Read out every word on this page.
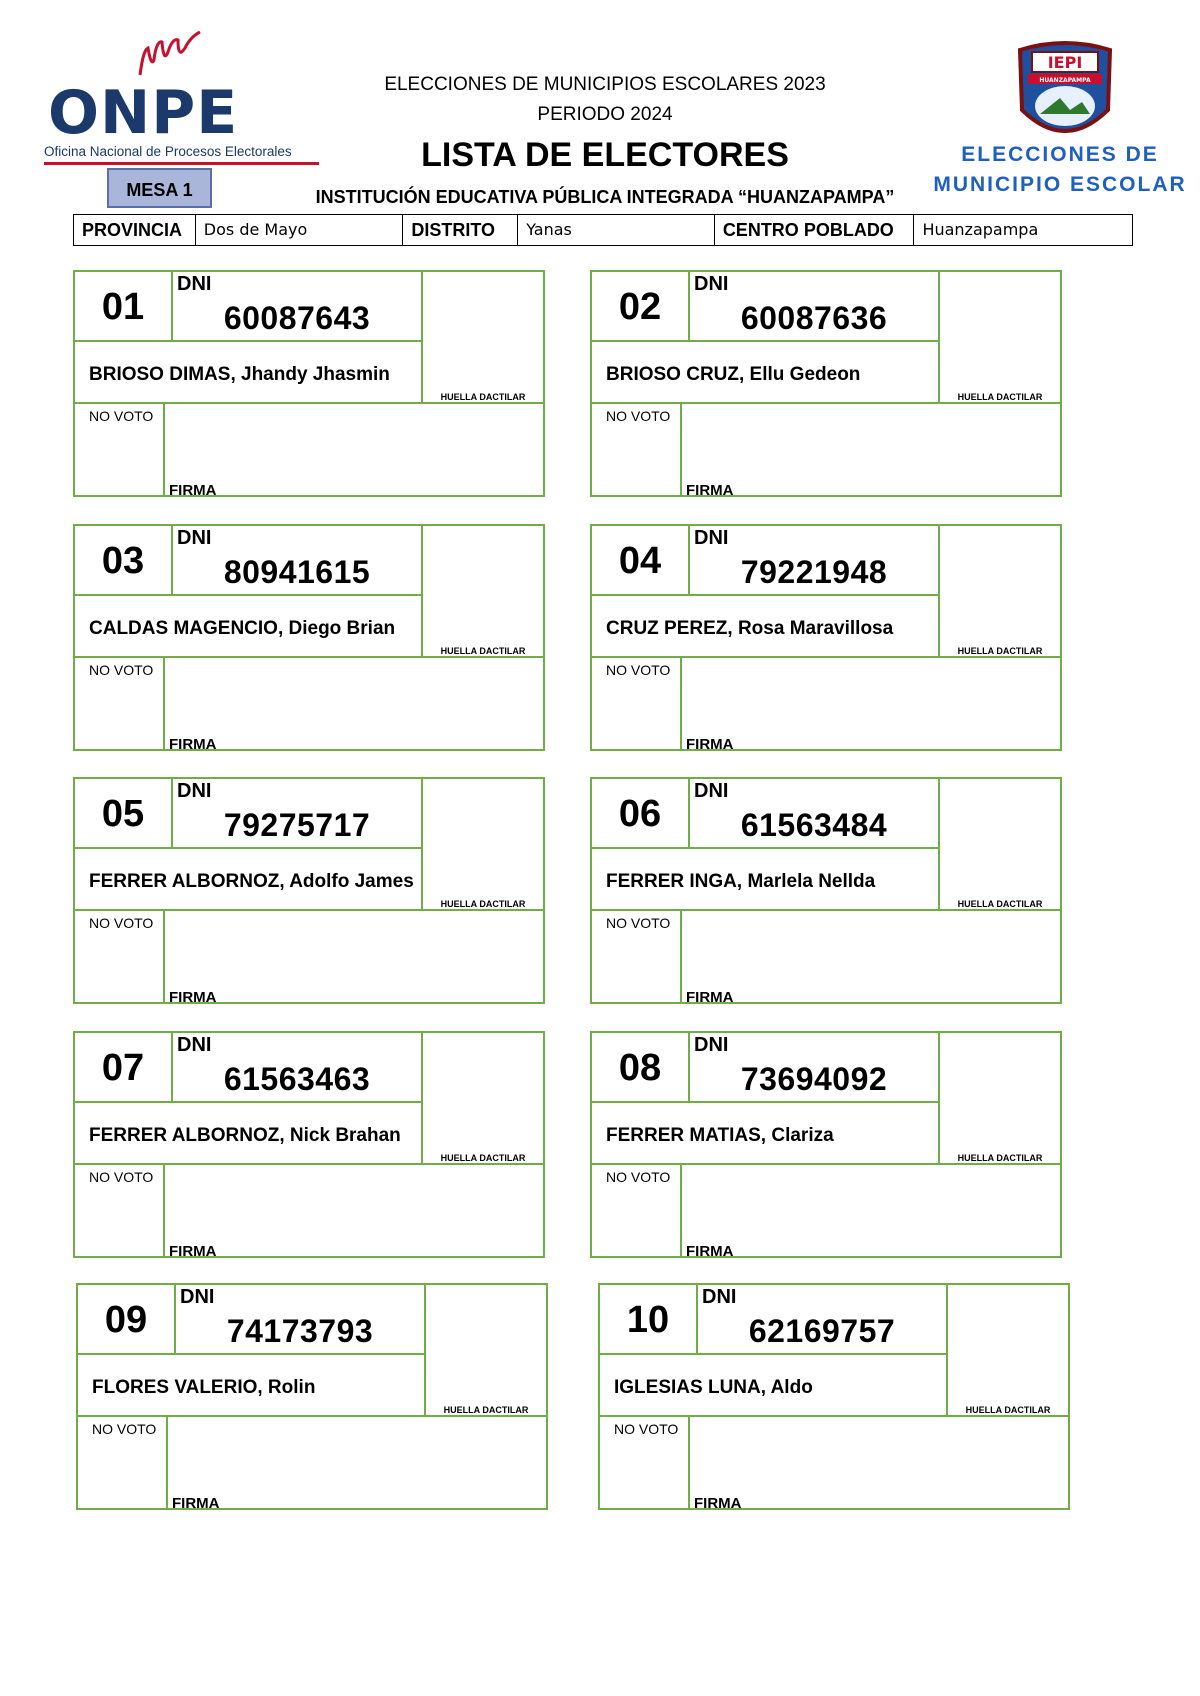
ONPE
Oficina Nacional de Procesos Electorales
ELECCIONES DE MUNICIPIOS ESCOLARES 2023
PERIODO 2024
LISTA DE ELECTORES
MESA 1	INSTITUCIÓN EDUCATIVA PÚBLICA INTEGRADA “HUANZAPAMPA”
IEPI
HUANZAPAMPA
ELECCIONES DE
MUNICIPIO ESCOLAR
PROVINCIA	Dos de Mayo	DISTRITO	Yanas	CENTRO POBLADO	Huanzapampa
01
DNI
60087643
BRIOSO DIMAS, Jhandy Jhasmin
HUELLA DACTILAR
NO VOTO
FIRMA
02
DNI
60087636
BRIOSO CRUZ, Ellu Gedeon
HUELLA DACTILAR
NO VOTO
FIRMA
03
DNI
80941615
CALDAS MAGENCIO, Diego Brian
HUELLA DACTILAR
NO VOTO
FIRMA
04
DNI
79221948
CRUZ PEREZ, Rosa Maravillosa
HUELLA DACTILAR
NO VOTO
FIRMA
05
DNI
79275717
FERRER ALBORNOZ, Adolfo James
HUELLA DACTILAR
NO VOTO
FIRMA
06
DNI
61563484
FERRER INGA, Marlela Nellda
HUELLA DACTILAR
NO VOTO
FIRMA
07
DNI
61563463
FERRER ALBORNOZ, Nick Brahan
HUELLA DACTILAR
NO VOTO
FIRMA
08
DNI
73694092
FERRER MATIAS, Clariza
HUELLA DACTILAR
NO VOTO
FIRMA
09
DNI
74173793
FLORES VALERIO, Rolin
HUELLA DACTILAR
NO VOTO
FIRMA
10
DNI
62169757
IGLESIAS LUNA, Aldo
HUELLA DACTILAR
NO VOTO
FIRMA
